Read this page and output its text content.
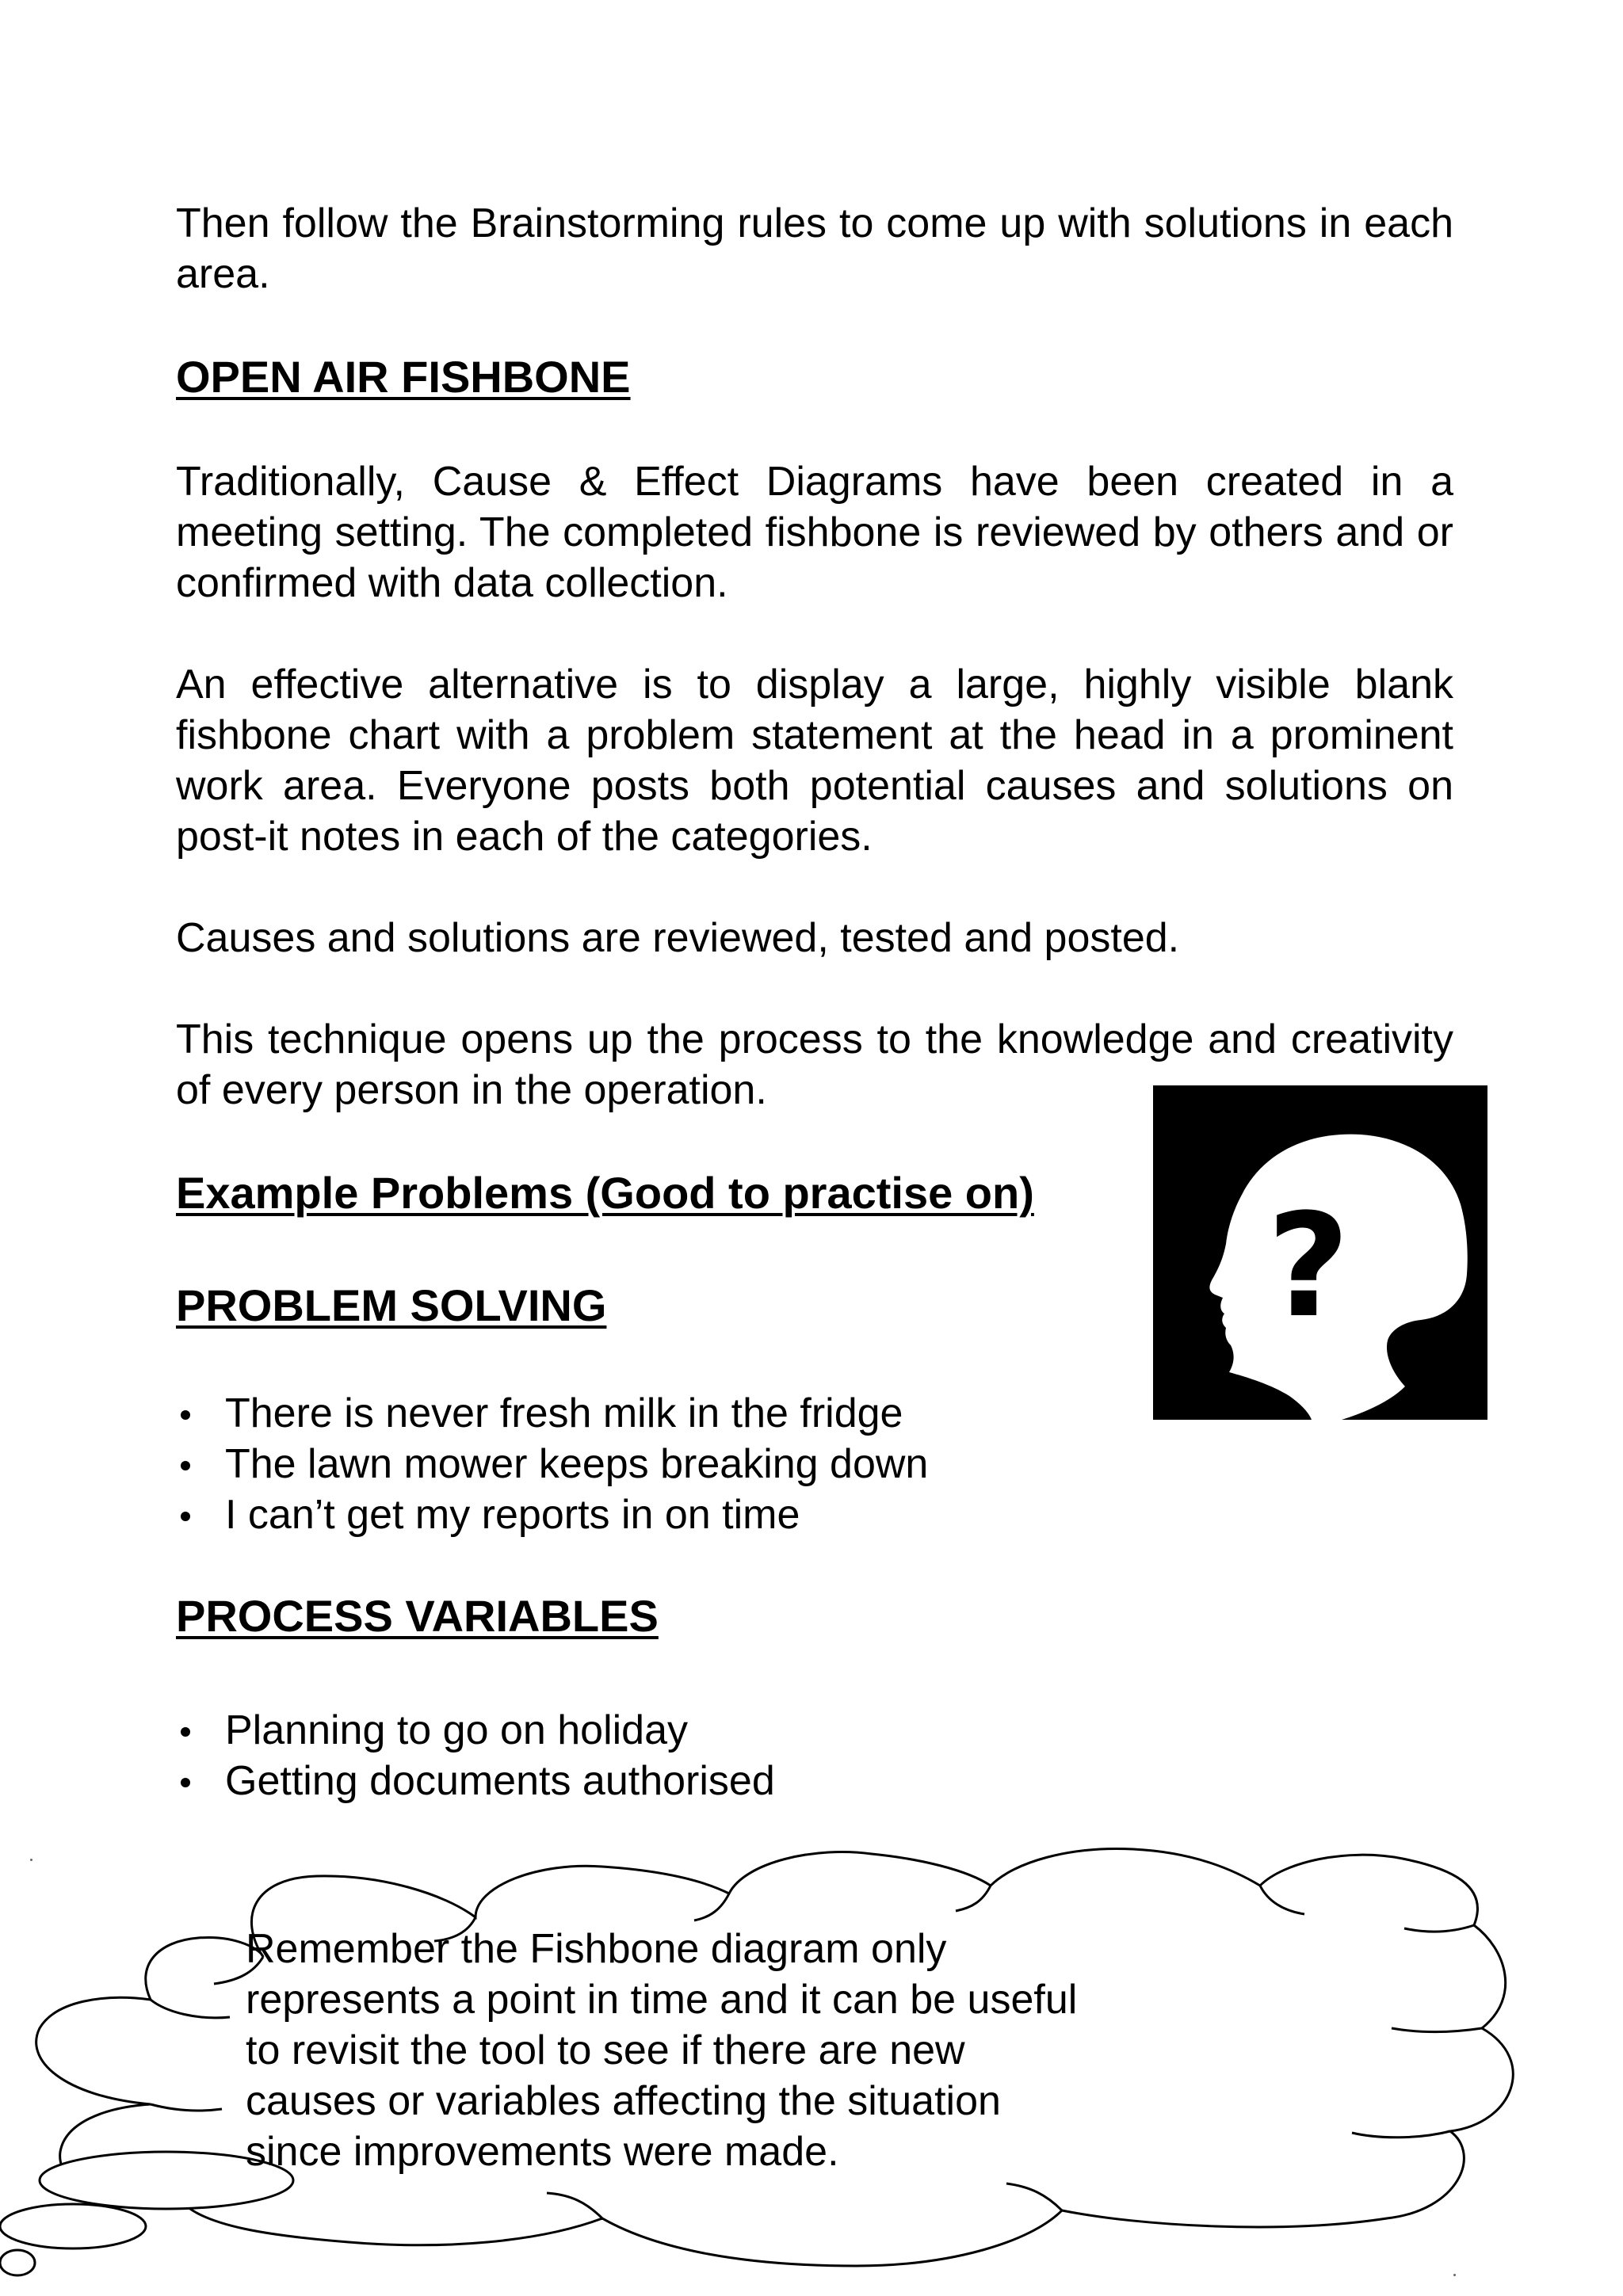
Then follow the Brainstorming rules to come up with solutions in each area.

OPEN AIR FISHBONE

Traditionally, Cause & Effect Diagrams have been created in a meeting setting. The completed fishbone is reviewed by others and or confirmed with data collection.

An effective alternative is to display a large, highly visible blank fishbone chart with a problem statement at the head in a prominent work area. Everyone posts both potential causes and solutions on post-it notes in each of the categories.

Causes and solutions are reviewed, tested and posted.

This technique opens up the process to the knowledge and creativity of every person in the operation.

Example Problems (Good to practise on)
PROBLEM SOLVING
There is never fresh milk in the fridge
The lawn mower keeps breaking down
I can’t get my reports in on time
PROCESS VARIABLES
Planning to go on holiday
Getting documents authorised
?

Remember the Fishbone diagram only
represents a point in time and it can be useful
to revisit the tool to see if there are new
causes or variables affecting the situation
since improvements were made.
